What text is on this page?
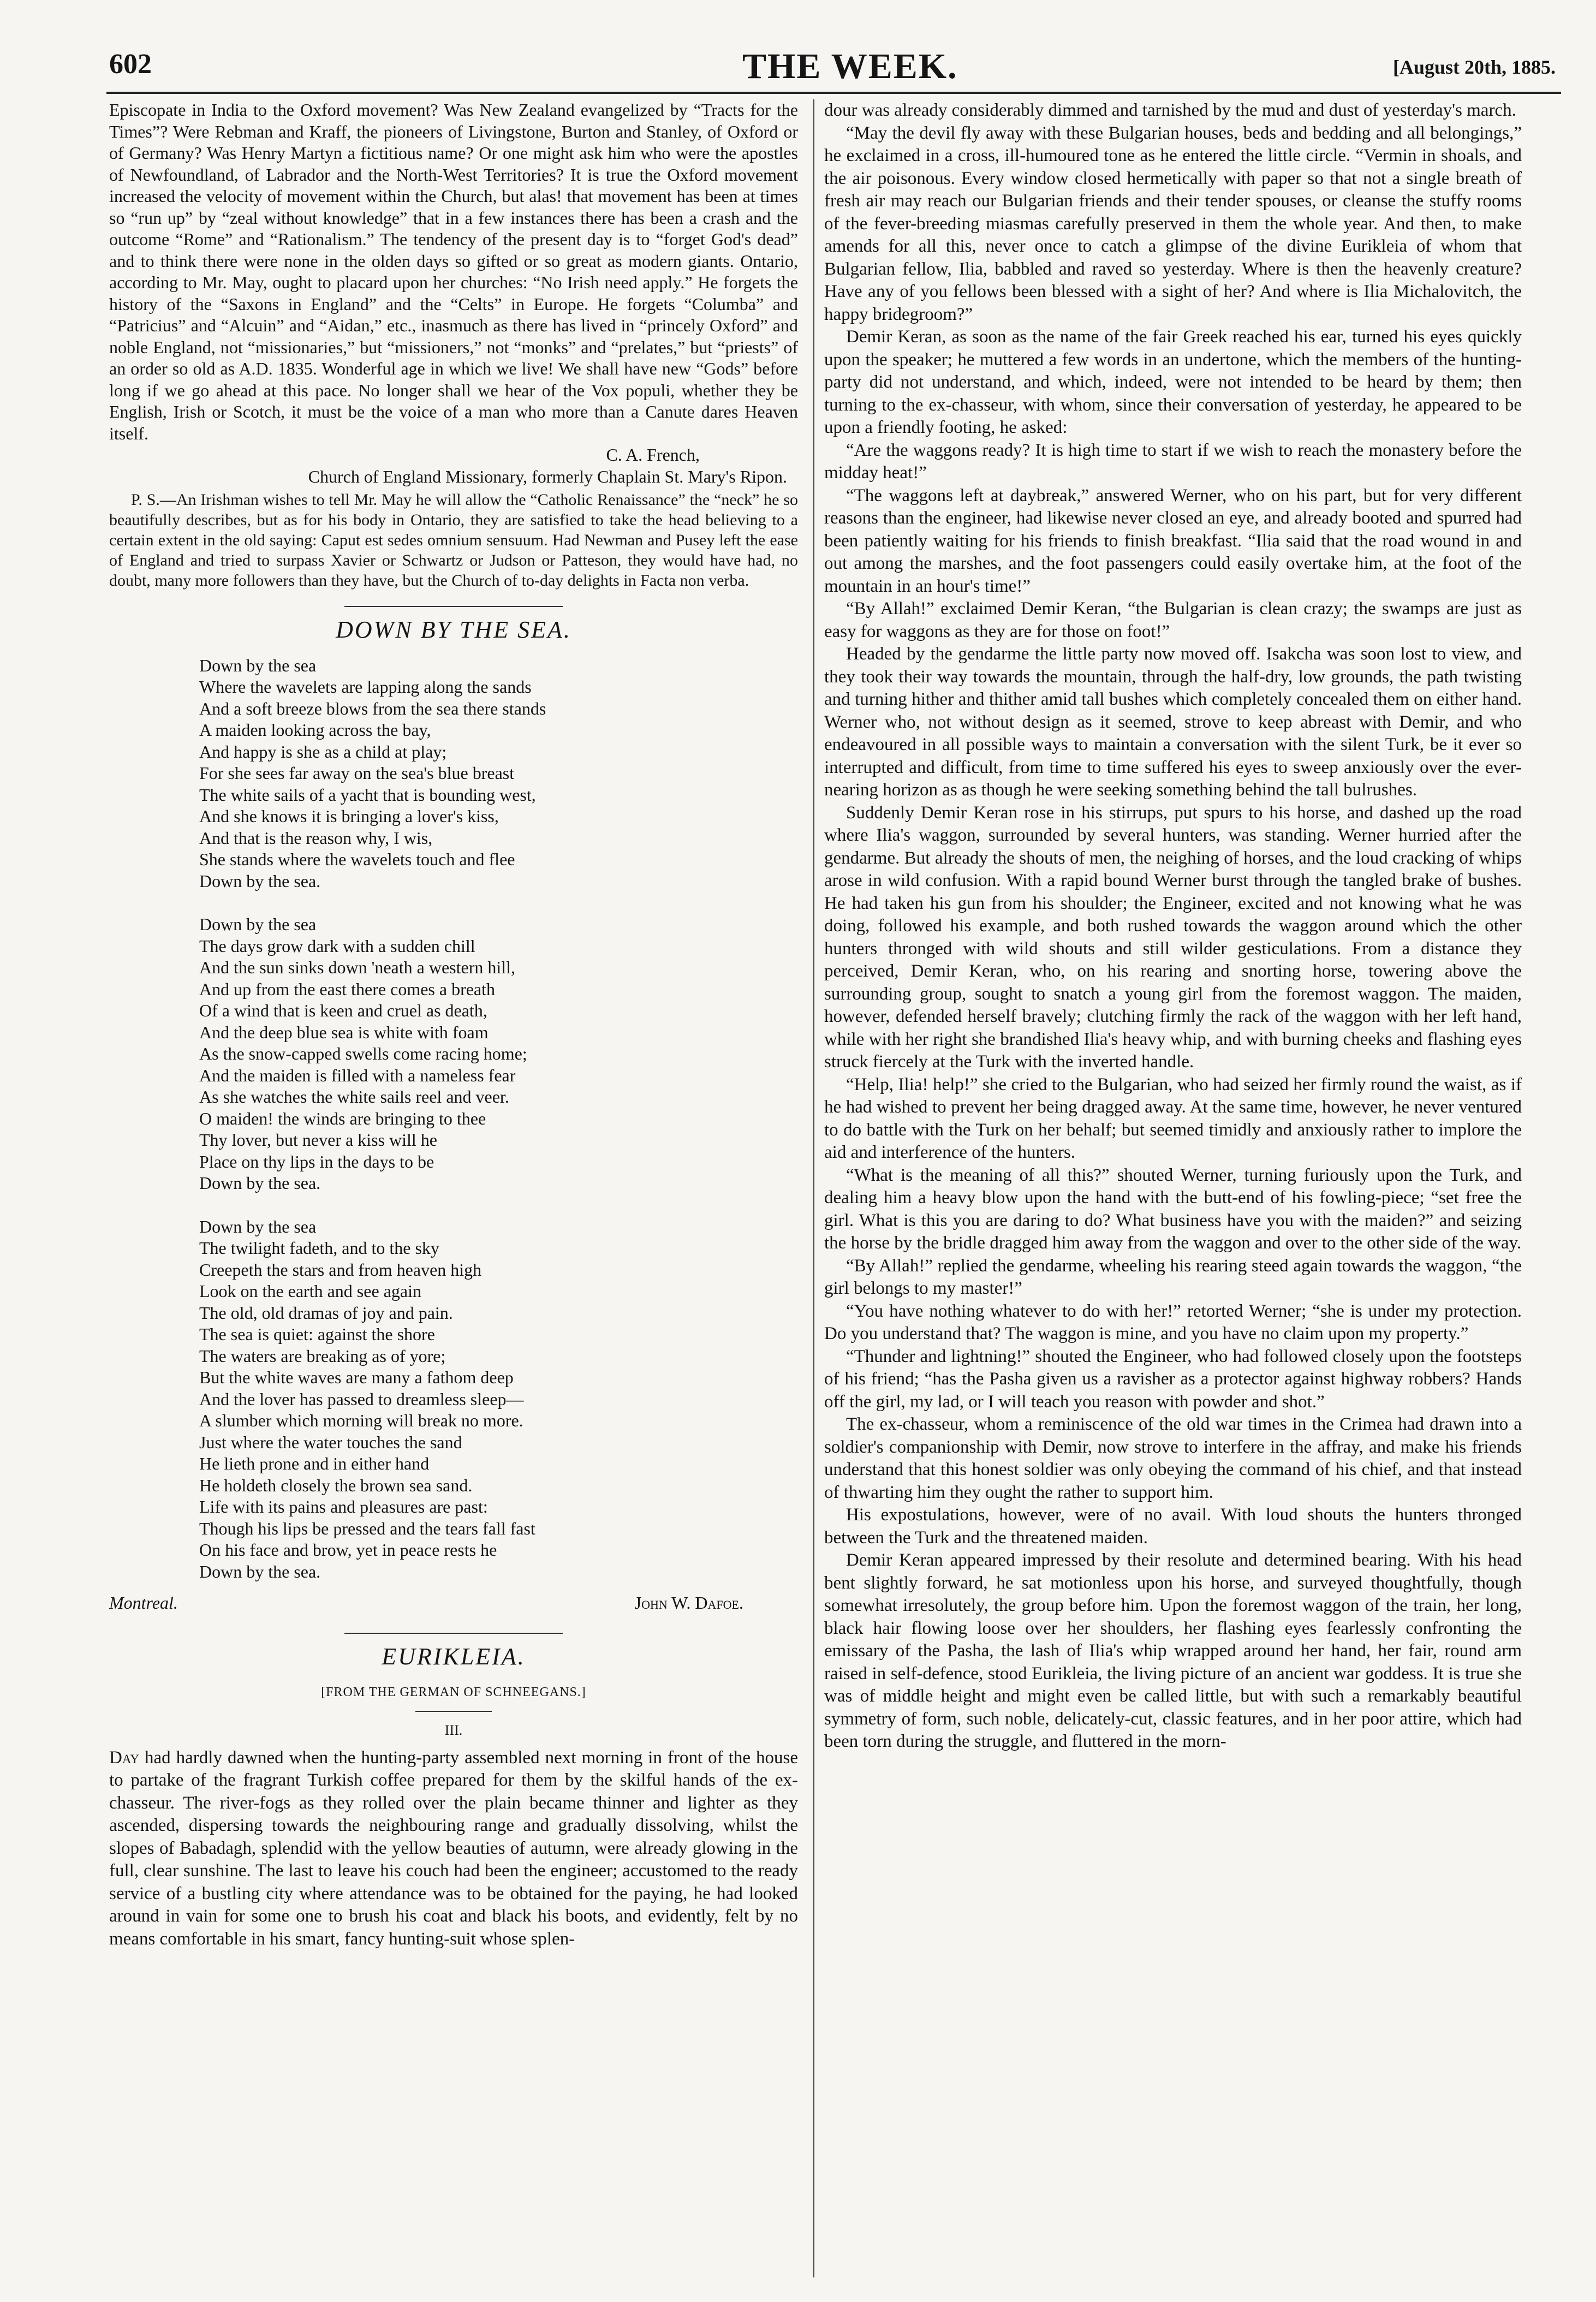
602	THE WEEK.	[August 20th, 1885.

Episcopate in India to the Oxford movement? Was New Zealand evangelized by “Tracts for the Times”? Were Rebman and Kraff, the pioneers of Livingstone, Burton and Stanley, of Oxford or of Germany? Was Henry Martyn a fictitious name? Or one might ask him who were the apostles of Newfoundland, of Labrador and the North-West Territories? It is true the Oxford movement increased the velocity of movement within the Church, but alas! that movement has been at times so “run up” by “zeal without knowledge” that in a few instances there has been a crash and the outcome “Rome” and “Rationalism.” The tendency of the present day is to “forget God's dead” and to think there were none in the olden days so gifted or so great as modern giants. Ontario, according to Mr. May, ought to placard upon her churches: “No Irish need apply.” He forgets the history of the “Saxons in England” and the “Celts” in Europe. He forgets “Columba” and “Patricius” and “Alcuin” and “Aidan,” etc., inasmuch as there has lived in “princely Oxford” and noble England, not “missionaries,” but “missioners,” not “monks” and “prelates,” but “priests” of an order so old as A.D. 1835. Wonderful age in which we live! We shall have new “Gods” before long if we go ahead at this pace. No longer shall we hear of the Vox populi, whether they be English, Irish or Scotch, it must be the voice of a man who more than a Canute dares Heaven itself.

C. A. French,

Church of England Missionary, formerly Chaplain St. Mary's Ripon.

P. S.—An Irishman wishes to tell Mr. May he will allow the “Catholic Renaissance” the “neck” he so beautifully describes, but as for his body in Ontario, they are satisfied to take the head believing to a certain extent in the old saying: Caput est sedes omnium sensuum. Had Newman and Pusey left the ease of England and tried to surpass Xavier or Schwartz or Judson or Patteson, they would have had, no doubt, many more followers than they have, but the Church of to-day delights in Facta non verba.

DOWN BY THE SEA.
Down by the sea
Where the wavelets are lapping along the sands
And a soft breeze blows from the sea there stands
A maiden looking across the bay,
And happy is she as a child at play;
For she sees far away on the sea's blue breast
The white sails of a yacht that is bounding west,
And she knows it is bringing a lover's kiss,
And that is the reason why, I wis,
She stands where the wavelets touch and flee
Down by the sea.
Down by the sea
The days grow dark with a sudden chill
And the sun sinks down 'neath a western hill,
And up from the east there comes a breath
Of a wind that is keen and cruel as death,
And the deep blue sea is white with foam
As the snow-capped swells come racing home;
And the maiden is filled with a nameless fear
As she watches the white sails reel and veer.
O maiden! the winds are bringing to thee
Thy lover, but never a kiss will he
Place on thy lips in the days to be
Down by the sea.
Down by the sea
The twilight fadeth, and to the sky
Creepeth the stars and from heaven high
Look on the earth and see again
The old, old dramas of joy and pain.
The sea is quiet: against the shore
The waters are breaking as of yore;
But the white waves are many a fathom deep
And the lover has passed to dreamless sleep—
A slumber which morning will break no more.
Just where the water touches the sand
He lieth prone and in either hand
He holdeth closely the brown sea sand.
Life with its pains and pleasures are past:
Though his lips be pressed and the tears fall fast
On his face and brow, yet in peace rests he
Down by the sea.
Montreal.	John W. Dafoe.
EURIKLEIA.
[FROM THE GERMAN OF SCHNEEGANS.]
III.

Day had hardly dawned when the hunting-party assembled next morning in front of the house to partake of the fragrant Turkish coffee prepared for them by the skilful hands of the ex-chasseur. The river-fogs as they rolled over the plain became thinner and lighter as they ascended, dispersing towards the neighbouring range and gradually dissolving, whilst the slopes of Babadagh, splendid with the yellow beauties of autumn, were already glowing in the full, clear sunshine. The last to leave his couch had been the engineer; accustomed to the ready service of a bustling city where attendance was to be obtained for the paying, he had looked around in vain for some one to brush his coat and black his boots, and evidently, felt by no means comfortable in his smart, fancy hunting-suit whose splen-

dour was already considerably dimmed and tarnished by the mud and dust of yesterday's march.

“May the devil fly away with these Bulgarian houses, beds and bedding and all belongings,” he exclaimed in a cross, ill-humoured tone as he entered the little circle. “Vermin in shoals, and the air poisonous. Every window closed hermetically with paper so that not a single breath of fresh air may reach our Bulgarian friends and their tender spouses, or cleanse the stuffy rooms of the fever-breeding miasmas carefully preserved in them the whole year. And then, to make amends for all this, never once to catch a glimpse of the divine Eurikleia of whom that Bulgarian fellow, Ilia, babbled and raved so yesterday. Where is then the heavenly creature? Have any of you fellows been blessed with a sight of her? And where is Ilia Michalovitch, the happy bridegroom?”

Demir Keran, as soon as the name of the fair Greek reached his ear, turned his eyes quickly upon the speaker; he muttered a few words in an undertone, which the members of the hunting-party did not understand, and which, indeed, were not intended to be heard by them; then turning to the ex-chasseur, with whom, since their conversation of yesterday, he appeared to be upon a friendly footing, he asked:

“Are the waggons ready? It is high time to start if we wish to reach the monastery before the midday heat!”

“The waggons left at daybreak,” answered Werner, who on his part, but for very different reasons than the engineer, had likewise never closed an eye, and already booted and spurred had been patiently waiting for his friends to finish breakfast. “Ilia said that the road wound in and out among the marshes, and the foot passengers could easily overtake him, at the foot of the mountain in an hour's time!”

“By Allah!” exclaimed Demir Keran, “the Bulgarian is clean crazy; the swamps are just as easy for waggons as they are for those on foot!”

Headed by the gendarme the little party now moved off. Isakcha was soon lost to view, and they took their way towards the mountain, through the half-dry, low grounds, the path twisting and turning hither and thither amid tall bushes which completely concealed them on either hand. Werner who, not without design as it seemed, strove to keep abreast with Demir, and who endeavoured in all possible ways to maintain a conversation with the silent Turk, be it ever so interrupted and difficult, from time to time suffered his eyes to sweep anxiously over the ever-nearing horizon as as though he were seeking something behind the tall bulrushes.

Suddenly Demir Keran rose in his stirrups, put spurs to his horse, and dashed up the road where Ilia's waggon, surrounded by several hunters, was standing. Werner hurried after the gendarme. But already the shouts of men, the neighing of horses, and the loud cracking of whips arose in wild confusion. With a rapid bound Werner burst through the tangled brake of bushes. He had taken his gun from his shoulder; the Engineer, excited and not knowing what he was doing, followed his example, and both rushed towards the waggon around which the other hunters thronged with wild shouts and still wilder gesticulations. From a distance they perceived, Demir Keran, who, on his rearing and snorting horse, towering above the surrounding group, sought to snatch a young girl from the foremost waggon. The maiden, however, defended herself bravely; clutching firmly the rack of the waggon with her left hand, while with her right she brandished Ilia's heavy whip, and with burning cheeks and flashing eyes struck fiercely at the Turk with the inverted handle.

“Help, Ilia! help!” she cried to the Bulgarian, who had seized her firmly round the waist, as if he had wished to prevent her being dragged away. At the same time, however, he never ventured to do battle with the Turk on her behalf; but seemed timidly and anxiously rather to implore the aid and interference of the hunters.

“What is the meaning of all this?” shouted Werner, turning furiously upon the Turk, and dealing him a heavy blow upon the hand with the butt-end of his fowling-piece; “set free the girl. What is this you are daring to do? What business have you with the maiden?” and seizing the horse by the bridle dragged him away from the waggon and over to the other side of the way.

“By Allah!” replied the gendarme, wheeling his rearing steed again towards the waggon, “the girl belongs to my master!”

“You have nothing whatever to do with her!” retorted Werner; “she is under my protection. Do you understand that? The waggon is mine, and you have no claim upon my property.”

“Thunder and lightning!” shouted the Engineer, who had followed closely upon the footsteps of his friend; “has the Pasha given us a ravisher as a protector against highway robbers? Hands off the girl, my lad, or I will teach you reason with powder and shot.”

The ex-chasseur, whom a reminiscence of the old war times in the Crimea had drawn into a soldier's companionship with Demir, now strove to interfere in the affray, and make his friends understand that this honest soldier was only obeying the command of his chief, and that instead of thwarting him they ought the rather to support him.

His expostulations, however, were of no avail. With loud shouts the hunters thronged between the Turk and the threatened maiden.

Demir Keran appeared impressed by their resolute and determined bearing. With his head bent slightly forward, he sat motionless upon his horse, and surveyed thoughtfully, though somewhat irresolutely, the group before him. Upon the foremost waggon of the train, her long, black hair flowing loose over her shoulders, her flashing eyes fearlessly confronting the emissary of the Pasha, the lash of Ilia's whip wrapped around her hand, her fair, round arm raised in self-defence, stood Eurikleia, the living picture of an ancient war goddess. It is true she was of middle height and might even be called little, but with such a remarkably beautiful symmetry of form, such noble, delicately-cut, classic features, and in her poor attire, which had been torn during the struggle, and fluttered in the morn-
